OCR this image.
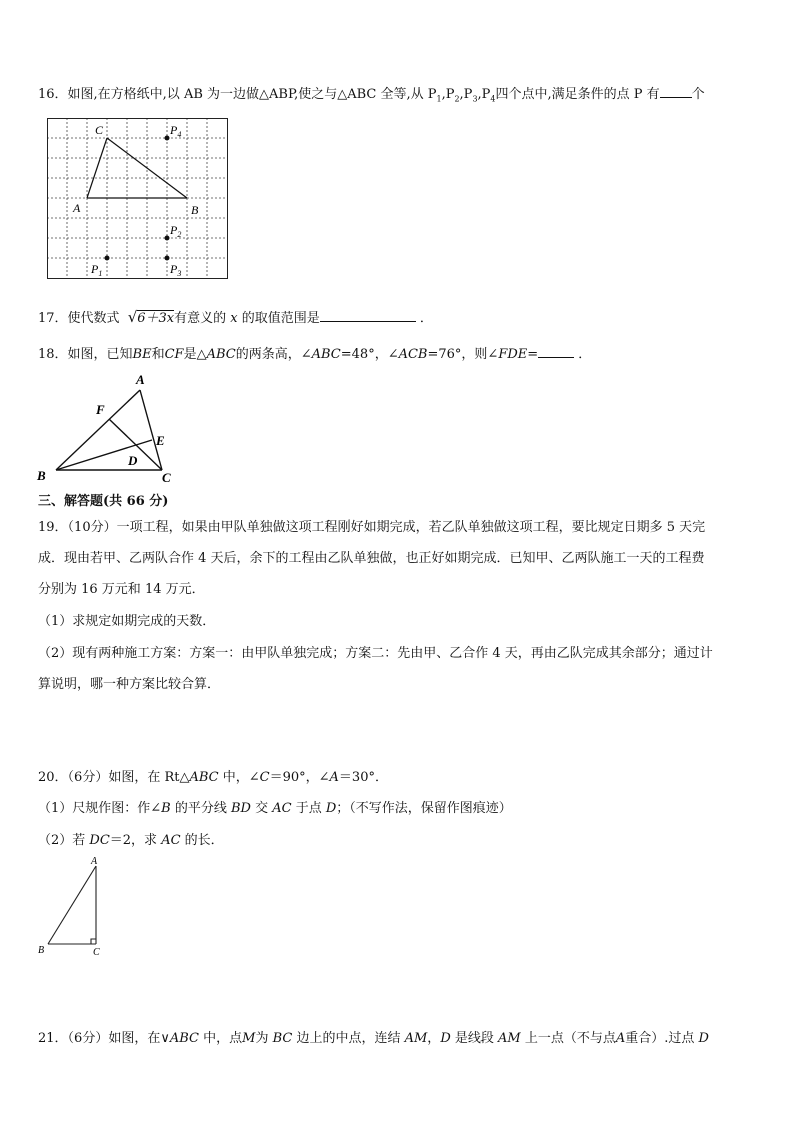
16．如图,在方格纸中,以 AB 为一边做△ABP,使之与△ABC 全等,从 $P_1,P_2,P_3,P_4$四个点中,满足条件的点 P 有 个
C
A	B
$P_4$
$P_2$
$P_1$	$P_3$
17．使代数式 √6＋3x有意义的 x 的取值范围是	．
18．如图，已知BE和CF是△ABC的两条高，∠ABC=48°，∠ACB=76°，则∠FDE=	．
A
F
E
D
B	C
三、解答题(共 66 分)
19．（10分）一项工程，如果由甲队单独做这项工程刚好如期完成，若乙队单独做这项工程，要比规定日期多 5 天完
成．现由若甲、乙两队合作 4 天后，余下的工程由乙队单独做，也正好如期完成．已知甲、乙两队施工一天的工程费
分别为 16 万元和 14 万元．
（1）求规定如期完成的天数．
（2）现有两种施工方案：方案一：由甲队单独完成；方案二：先由甲、乙合作 4 天，再由乙队完成其余部分；通过计
算说明，哪一种方案比较合算．
20．（6分）如图，在 Rt△ABC 中，∠C＝90°，∠A＝30°．
（1）尺规作图：作∠B 的平分线 BD 交 AC 于点 D；（不写作法，保留作图痕迹）
（2）若 DC＝2，求 AC 的长．
A
B	C
21．（6分）如图，在∨ABC 中，点M为 BC 边上的中点，连结 AM，D 是线段 AM 上一点（不与点A重合）.过点 D
